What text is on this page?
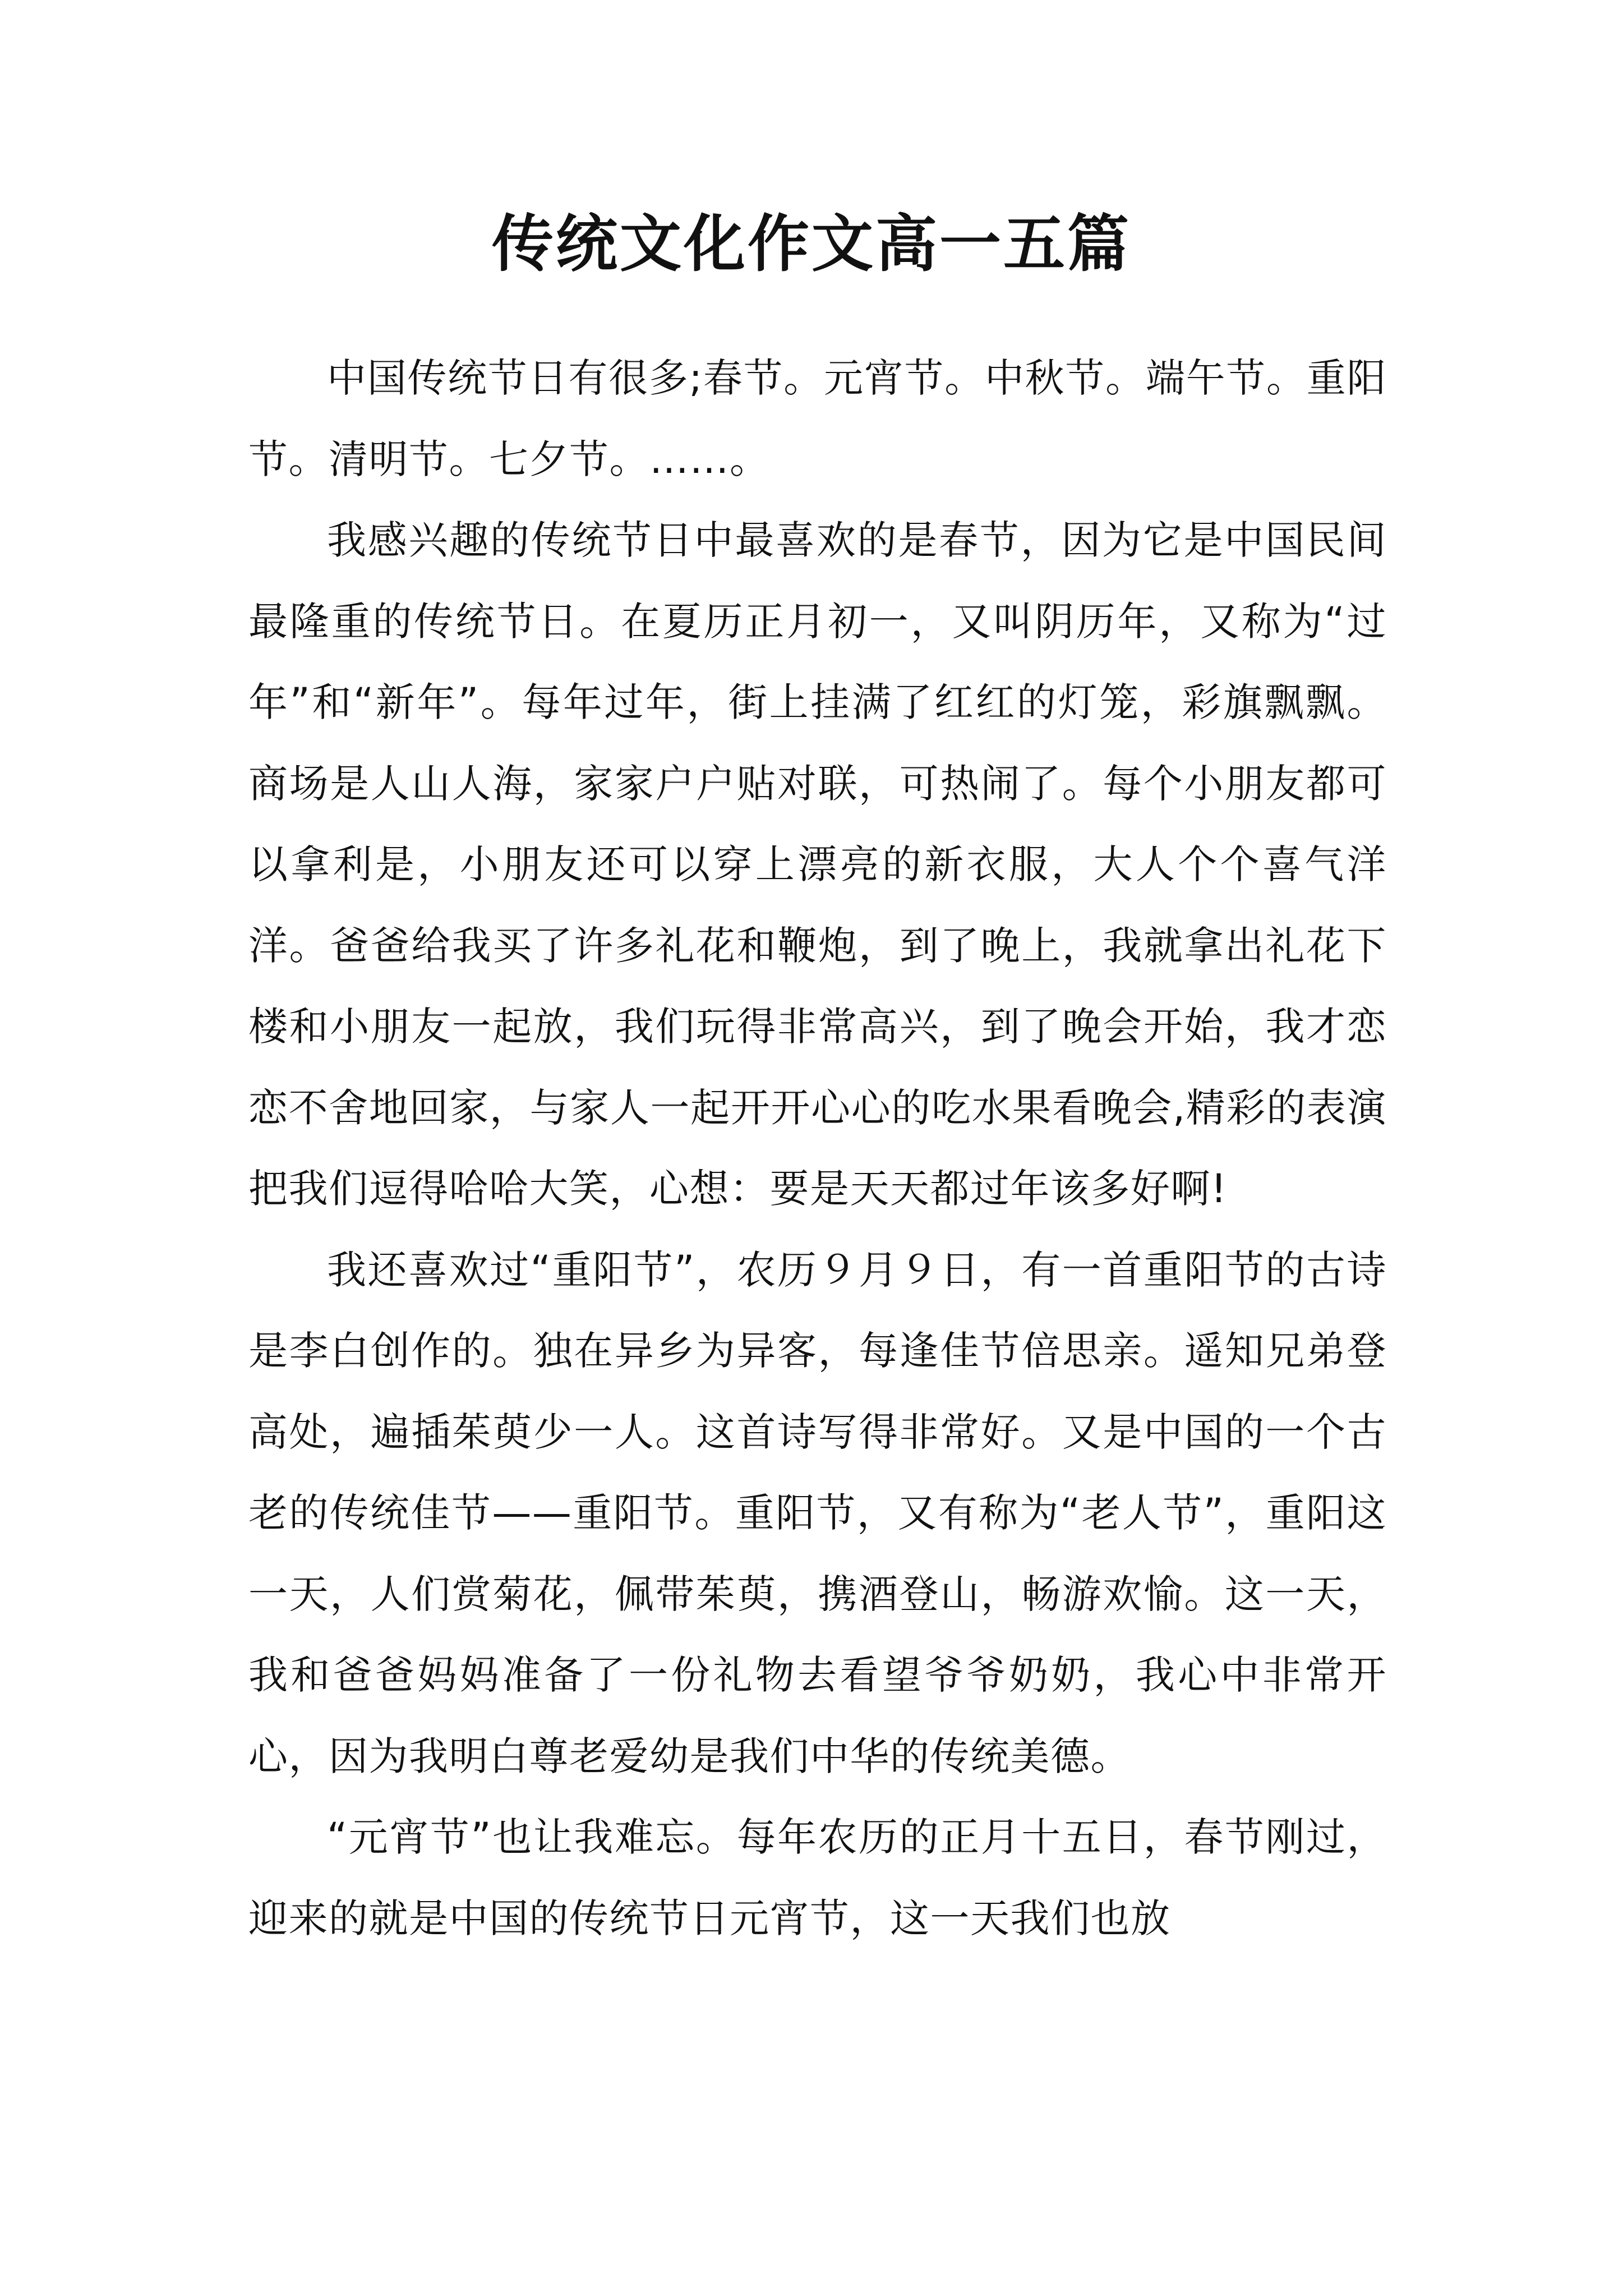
传统文化作文高一五篇

中国传统节日有很多;春节。元宵节。中秋节。端午节。重阳节。清明节。七夕节。……。

我感兴趣的传统节日中最喜欢的是春节，因为它是中国民间最隆重的传统节日。在夏历正月初一，又叫阴历年，又称为“过年”和“新年”。每年过年，街上挂满了红红的灯笼，彩旗飘飘。商场是人山人海，家家户户贴对联，可热闹了。每个小朋友都可以拿利是，小朋友还可以穿上漂亮的新衣服，大人个个喜气洋洋。爸爸给我买了许多礼花和鞭炮，到了晚上，我就拿出礼花下楼和小朋友一起放，我们玩得非常高兴，到了晚会开始，我才恋恋不舍地回家，与家人一起开开心心的吃水果看晚会,精彩的表演把我们逗得哈哈大笑，心想：要是天天都过年该多好啊!

我还喜欢过“重阳节”，农历９月９日，有一首重阳节的古诗是李白创作的。独在异乡为异客，每逢佳节倍思亲。遥知兄弟登高处，遍插茱萸少一人。这首诗写得非常好。又是中国的一个古老的传统佳节——重阳节。重阳节，又有称为“老人节”，重阳这一天，人们赏菊花，佩带茱萸，携酒登山，畅游欢愉。这一天，我和爸爸妈妈准备了一份礼物去看望爷爷奶奶，我心中非常开心，因为我明白尊老爱幼是我们中华的传统美德。

“元宵节”也让我难忘。每年农历的正月十五日，春节刚过，迎来的就是中国的传统节日元宵节，这一天我们也放
